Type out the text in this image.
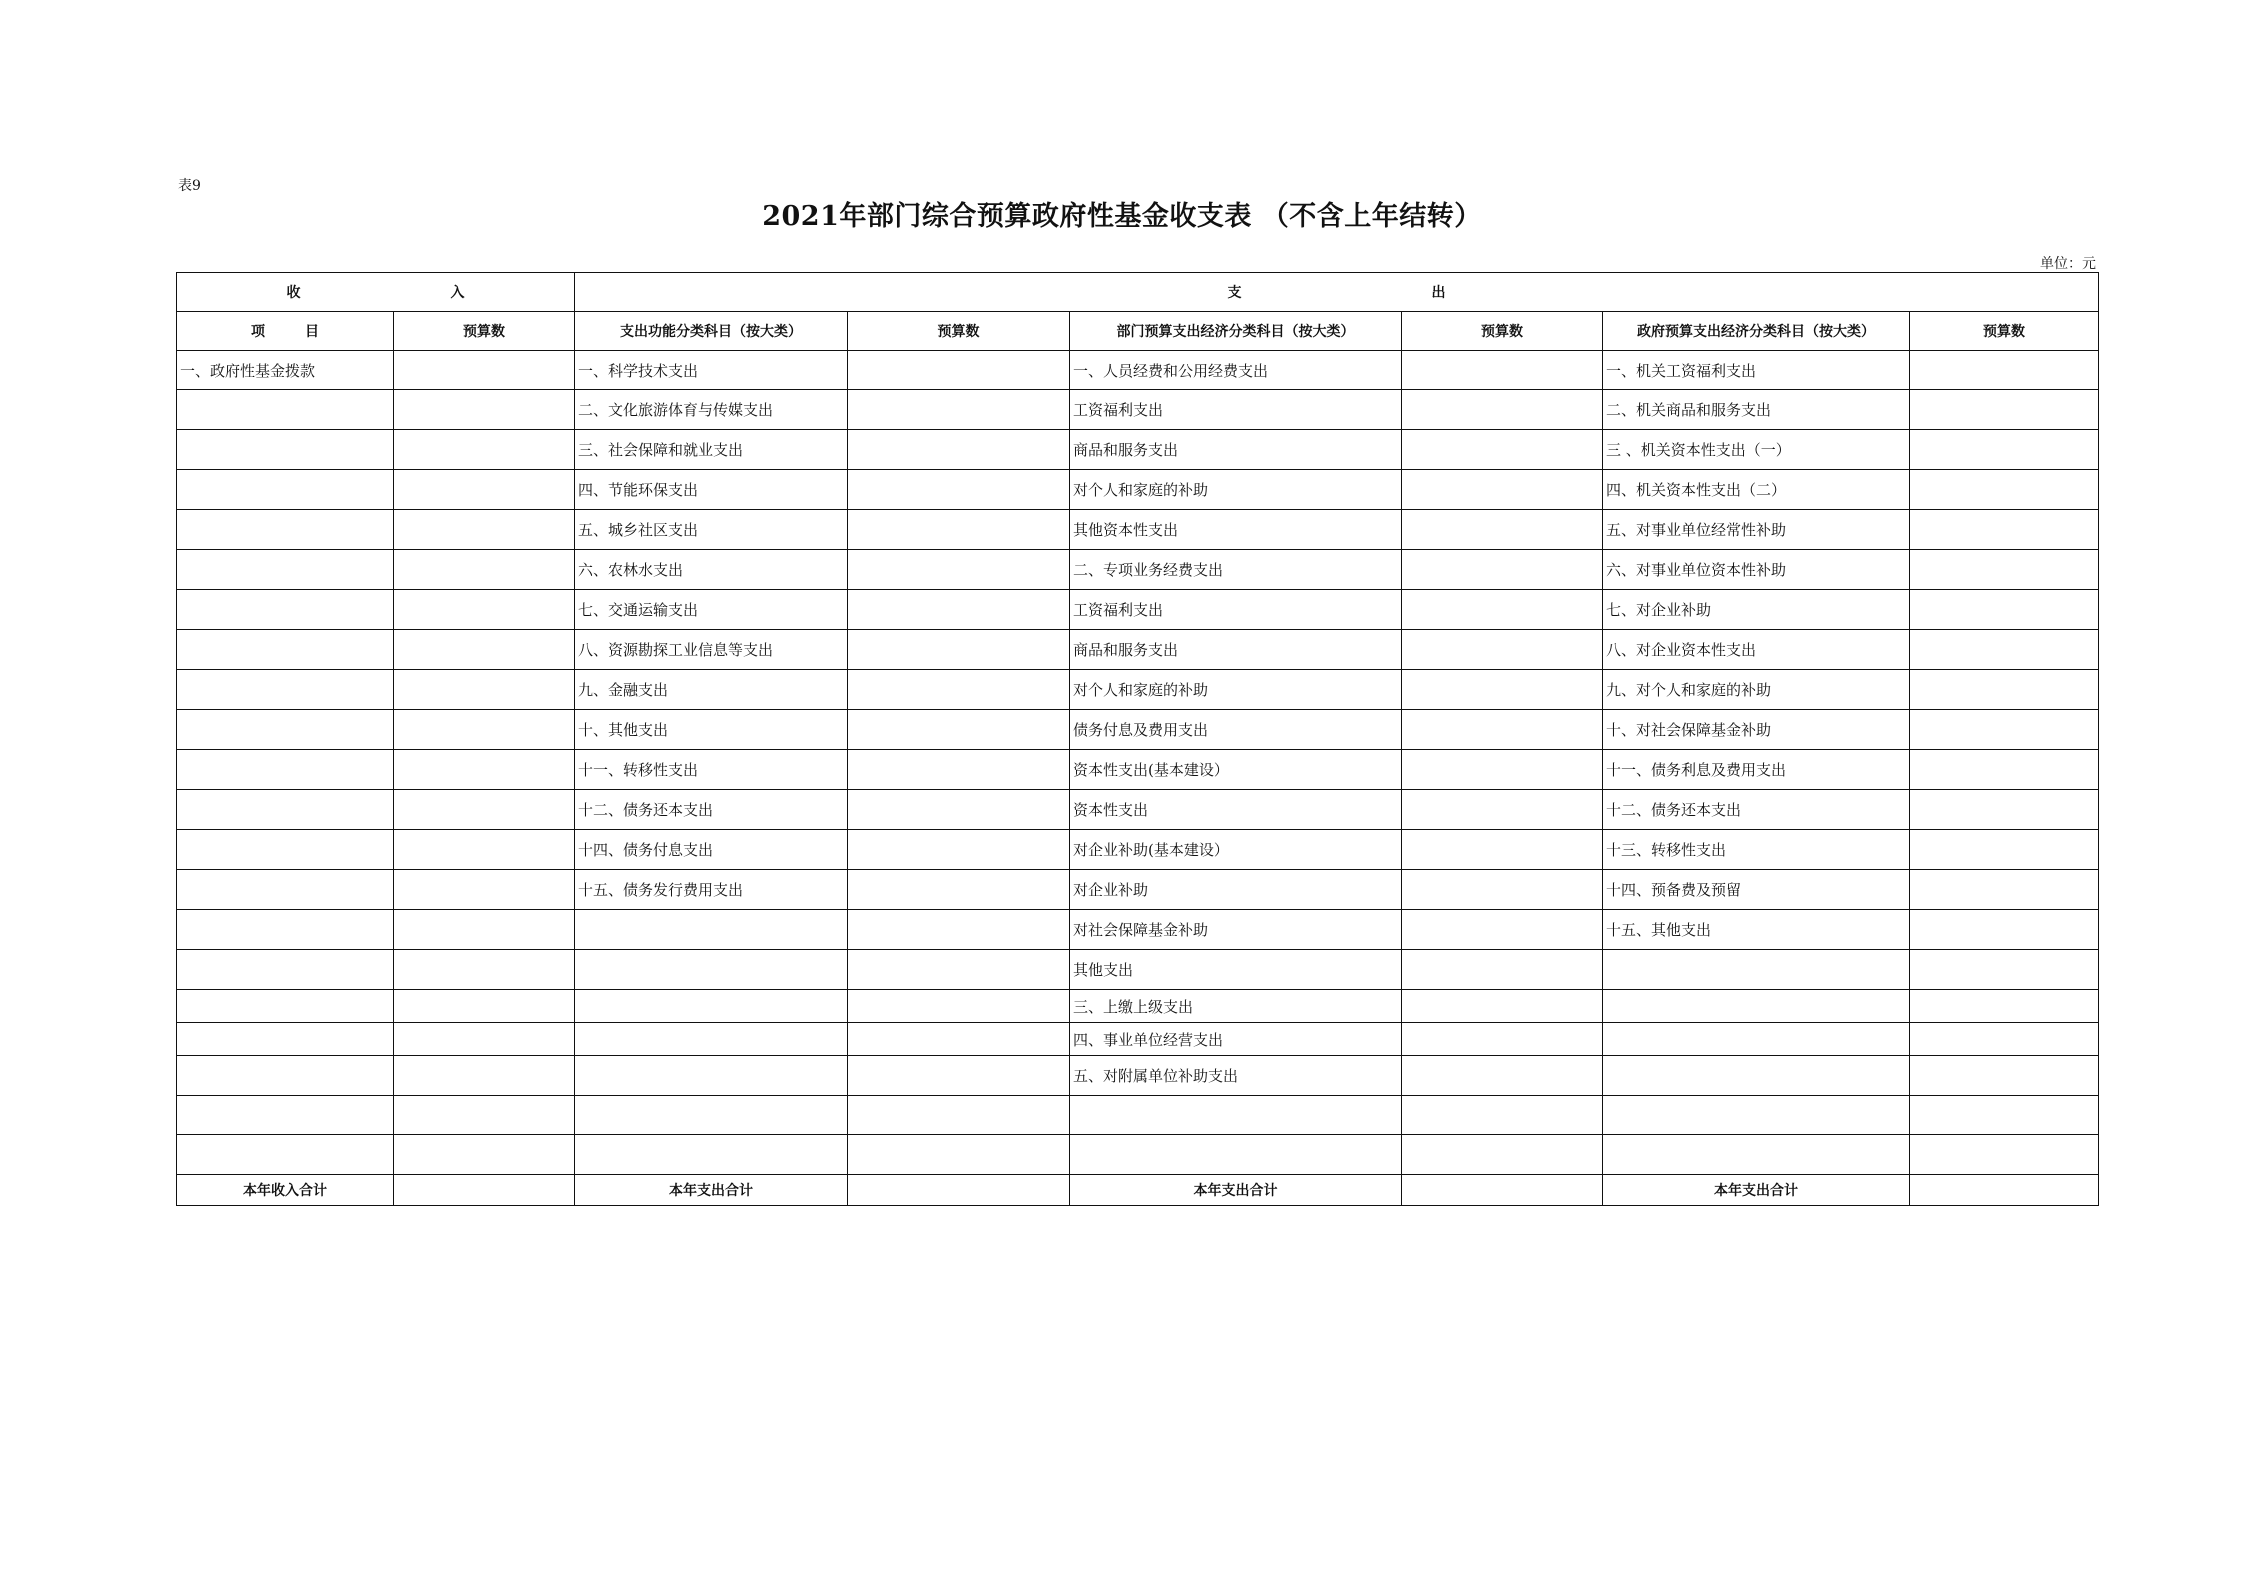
表9
2021年部门综合预算政府性基金收支表 （不含上年结转）
单位：元
收 入		支 出					
项 目	预算数	支出功能分类科目（按大类）	预算数	部门预算支出经济分类科目（按大类）	预算数	政府预算支出经济分类科目（按大类）	预算数
一、政府性基金拨款		一、科学技术支出		一、人员经费和公用经费支出		一、机关工资福利支出	
		二、文化旅游体育与传媒支出		工资福利支出		二、机关商品和服务支出	
		三、社会保障和就业支出		商品和服务支出		三 、机关资本性支出（一）	
		四、节能环保支出		对个人和家庭的补助		四、机关资本性支出（二）	
		五、城乡社区支出		其他资本性支出		五、对事业单位经常性补助	
		六、农林水支出		二、专项业务经费支出		六、对事业单位资本性补助	
		七、交通运输支出		工资福利支出		七、对企业补助	
		八、资源勘探工业信息等支出		商品和服务支出		八、对企业资本性支出	
		九、金融支出		对个人和家庭的补助		九、对个人和家庭的补助	
		十、其他支出		债务付息及费用支出		十、对社会保障基金补助	
		十一、转移性支出		资本性支出(基本建设）		十一、债务利息及费用支出	
		十二、债务还本支出		资本性支出		十二、债务还本支出	
		十四、债务付息支出		对企业补助(基本建设）		十三、转移性支出	
		十五、债务发行费用支出		对企业补助		十四、预备费及预留	
				对社会保障基金补助		十五、其他支出	
				其他支出			
				三、上缴上级支出			
				四、事业单位经营支出			
				五、对附属单位补助支出			

本年收入合计		本年支出合计		本年支出合计		本年支出合计	
